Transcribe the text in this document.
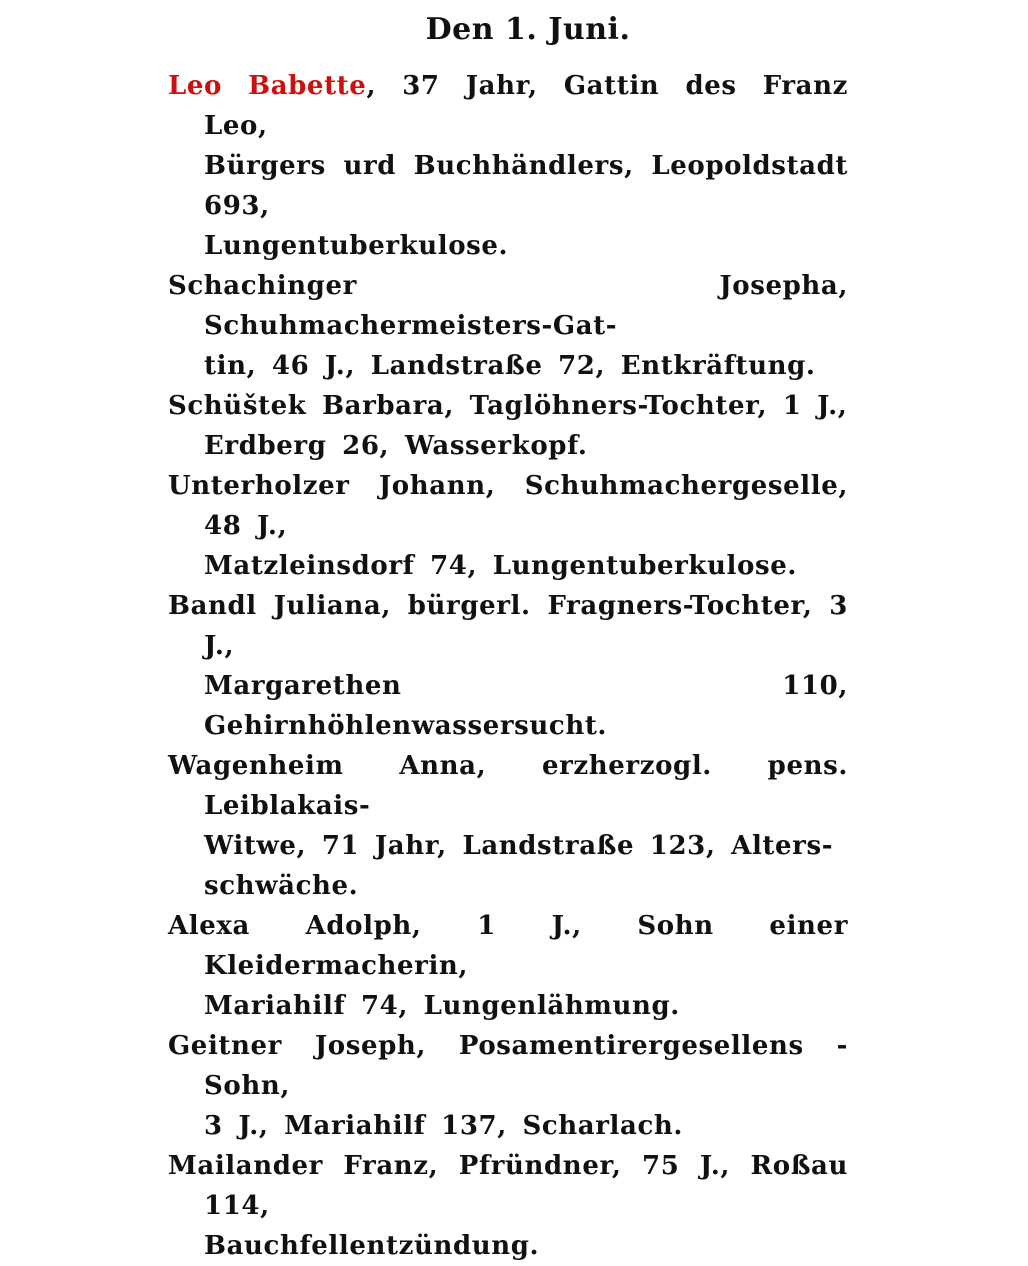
Den 1. Juni.
Leo Babette, 37 Jahr, Gattin des Franz Leo,
Bürgers urd Buchhändlers, Leopoldstadt 693,
Lungentuberkulose.
Schachinger Josepha, Schuhmachermeisters-Gat-
tin, 46 J., Landstraße 72, Entkräftung.
Schüštek Barbara, Taglöhners-Tochter, 1 J.,
Erdberg 26, Wasserkopf.
Unterholzer Johann, Schuhmachergeselle, 48 J.,
Matzleinsdorf 74, Lungentuberkulose.
Bandl Juliana, bürgerl. Fragners-Tochter, 3 J.,
Margarethen 110, Gehirnhöhlenwassersucht.
Wagenheim Anna, erzherzogl. pens. Leiblakais-
Witwe, 71 Jahr, Landstraße 123, Alters-
schwäche.
Alexa Adolph, 1 J., Sohn einer Kleidermacherin,
Mariahilf 74, Lungenlähmung.
Geitner Joseph, Posamentirergesellens - Sohn,
3 J., Mariahilf 137, Scharlach.
Mailander Franz, Pfründner, 75 J., Roßau 114,
Bauchfellentzündung.
